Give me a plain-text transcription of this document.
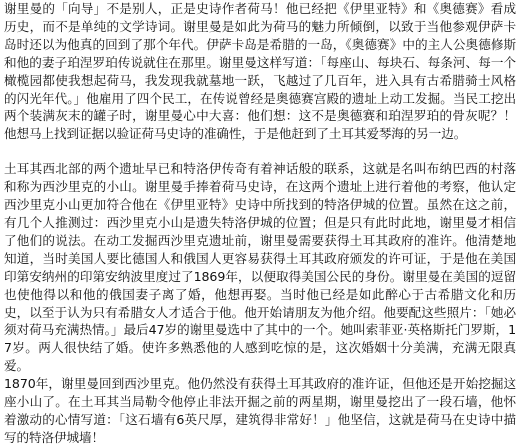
谢里曼的「向导」不是别人，正是史诗作者荷马！他已经把《伊里亚特》和《奥德赛》看成历史，而不是单纯的文学诗词。谢里曼是如此为荷马的魅力所倾倒，以致于当他参观伊萨卡岛时还以为他真的回到了那个年代。伊萨卡岛是希腊的一岛，《奥德赛》中的主人公奥德修斯和他的妻子珀涅罗珀传说就住在那里。谢里曼这样写道：「每座山、每块石、每条河、每一个橄榄园都使我想起荷马，我发现我就墓地一跃，飞越过了几百年，进入具有古希腊骑士风格的闪光年代。」他雇用了四个民工，在传说曾经是奥德赛宫殿的遗址上动工发掘。当民工挖出两个装满灰末的罐子时，谢里曼心中大喜：他们想：这不是奥德赛和珀涅罗珀的骨灰呢？！他想马上找到证据以验证荷马史诗的准确性，于是他赶到了土耳其爱琴海的另一边。

土耳其西北部的两个遗址早已和特洛伊传奇有着神话般的联系，这就是名叫布纳巴西的村落和称为西沙里克的小山。谢里曼手捧着荷马史诗，在这两个遗址上进行着他的考察，他认定西沙里克小山更加符合他在《伊里亚特》史诗中所找到的特洛伊城的位置。虽然在这之前，有几个人推测过：西沙里克小山是遗失特洛伊城的位置；但是只有此时此地，谢里曼才相信了他们的说法。在动工发掘西沙里克遗址前，谢里曼需要获得土耳其政府的准许。他清楚地知道，当时美国人要比德国人和俄国人更容易获得土耳其政府颁发的许可证，于是他在美国印第安纳州的印第安纳波里度过了1869年，以便取得美国公民的身份。谢里曼在美国的逗留也使他得以和他的俄国妻子离了婚，他想再娶。当时他已经是如此醉心于古希腊文化和历史，以至于认为只有希腊女人才适合于他。他开始请朋友为他介绍。他要配这些照片：「她必须对荷马充满热情。」最后47岁的谢里曼选中了其中的一个。她叫索菲亚·英格斯托门罗斯，17岁。两人很快结了婚。使许多熟悉他的人感到吃惊的是，这次婚姻十分美满，充满无限真爱。

1870年，谢里曼回到西沙里克。他仍然没有获得土耳其政府的准许证，但他还是开始挖掘这座小山了。在土耳其当局勒令他停止非法开掘之前的两星期，谢里曼挖出了一段石墙，他怀着激动的心情写道：「这石墙有6英尺厚，建筑得非常好！」他坚信，这就是荷马在史诗中描写的特洛伊城墙！
